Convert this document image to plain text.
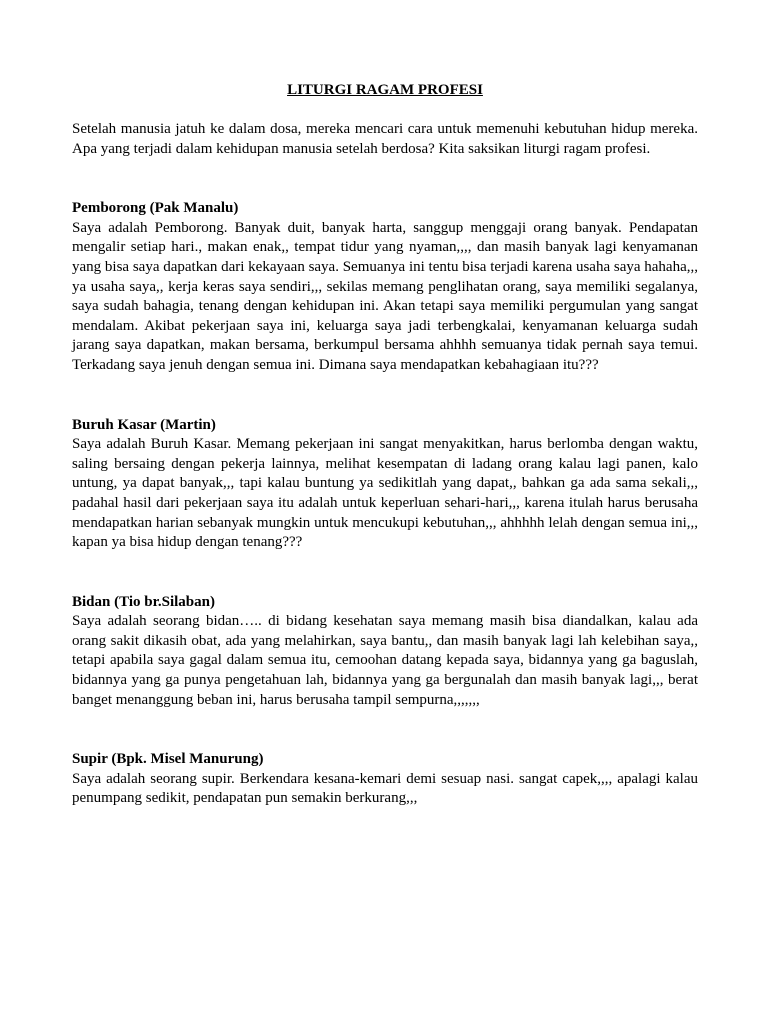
LITURGI RAGAM PROFESI

Setelah manusia jatuh ke dalam dosa, mereka mencari cara untuk memenuhi kebutuhan hidup mereka. Apa yang terjadi dalam kehidupan manusia setelah berdosa? Kita saksikan liturgi ragam profesi.

Pemborong (Pak Manalu)

Saya adalah Pemborong. Banyak duit, banyak harta, sanggup menggaji orang banyak. Pendapatan mengalir setiap hari., makan enak,, tempat tidur yang nyaman,,,, dan masih banyak lagi kenyamanan yang bisa saya dapatkan dari kekayaan saya. Semuanya ini tentu bisa terjadi karena usaha saya hahaha,,, ya usaha saya,, kerja keras saya sendiri,,, sekilas memang penglihatan orang, saya memiliki segalanya, saya sudah bahagia, tenang dengan kehidupan ini. Akan tetapi saya memiliki pergumulan yang sangat mendalam. Akibat pekerjaan saya ini, keluarga saya jadi terbengkalai, kenyamanan keluarga sudah jarang saya dapatkan, makan bersama, berkumpul bersama ahhhh semuanya tidak pernah saya temui. Terkadang saya jenuh dengan semua ini. Dimana saya mendapatkan kebahagiaan itu???

Buruh Kasar (Martin)

Saya adalah Buruh Kasar. Memang pekerjaan ini sangat menyakitkan, harus berlomba dengan waktu, saling bersaing dengan pekerja lainnya, melihat kesempatan di ladang orang kalau lagi panen, kalo untung, ya dapat banyak,,, tapi kalau buntung ya sedikitlah yang dapat,, bahkan ga ada sama sekali,,, padahal hasil dari pekerjaan saya itu adalah untuk keperluan sehari-hari,,, karena itulah harus berusaha mendapatkan harian sebanyak mungkin untuk mencukupi kebutuhan,,, ahhhhh lelah dengan semua ini,,, kapan ya bisa hidup dengan tenang???

Bidan (Tio br.Silaban)

Saya adalah seorang bidan….. di bidang kesehatan saya memang masih bisa diandalkan, kalau ada orang sakit dikasih obat, ada yang melahirkan, saya bantu,, dan masih banyak lagi lah kelebihan saya,, tetapi apabila saya gagal dalam semua itu, cemoohan datang kepada saya, bidannya yang ga baguslah, bidannya yang ga punya pengetahuan lah, bidannya yang ga bergunalah dan masih banyak lagi,,, berat banget menanggung beban ini, harus berusaha tampil sempurna,,,,,,,

Supir (Bpk. Misel Manurung)

Saya adalah seorang supir. Berkendara kesana-kemari demi sesuap nasi. sangat capek,,,, apalagi kalau penumpang sedikit, pendapatan pun semakin berkurang,,,
